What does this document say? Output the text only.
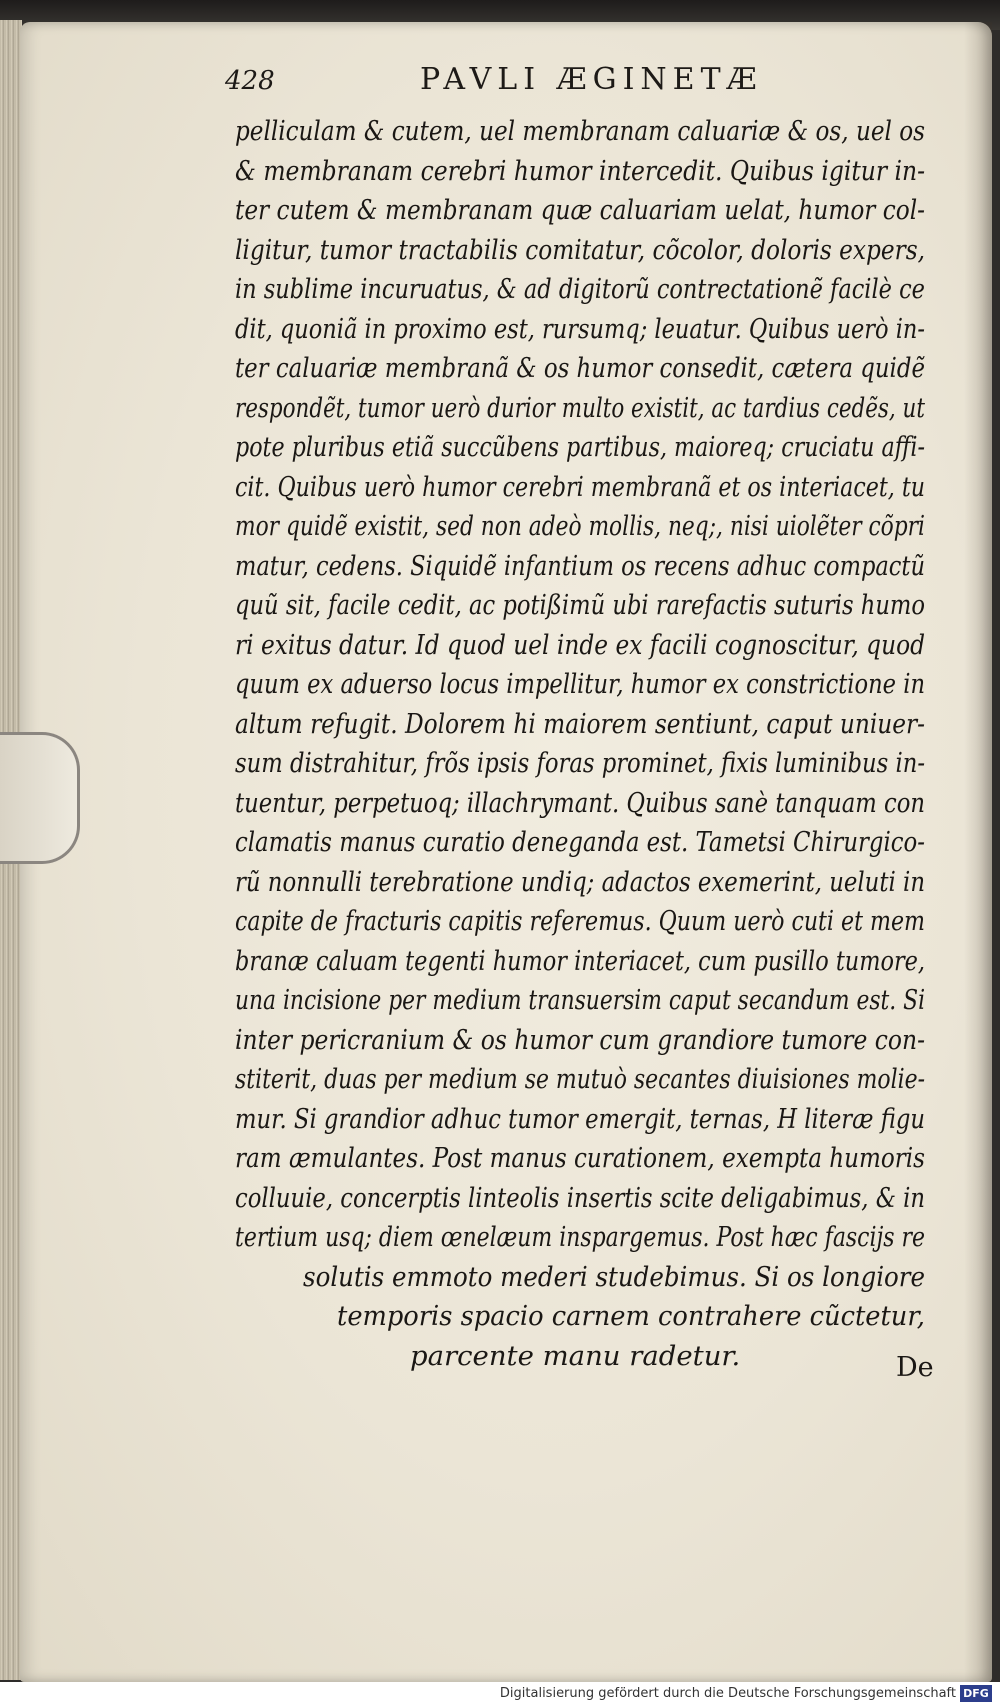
428	PAVLI ÆGINETÆ
pelliculam & cutem, uel membranam caluariæ & os, uel os
& membranam cerebri humor intercedit. Quibus igitur in-
ter cutem & membranam quæ caluariam uelat, humor col-
ligitur, tumor tractabilis comitatur, cõcolor, doloris expers,
in sublime incuruatus, & ad digitorũ contrectationẽ facilè ce
dit, quoniã in proximo est, rursumq; leuatur. Quibus uerò in-
ter caluariæ membranã & os humor consedit, cætera quidẽ
respondẽt, tumor uerò durior multo existit, ac tardius cedẽs, ut
pote pluribus etiã succũbens partibus, maioreq; cruciatu affi-
cit. Quibus uerò humor cerebri membranã et os interiacet, tu
mor quidẽ existit, sed non adeò mollis, neq;, nisi uiolẽter cõpri
matur, cedens. Siquidẽ infantium os recens adhuc compactũ
quũ sit, facile cedit, ac potißimũ ubi rarefactis suturis humo
ri exitus datur. Id quod uel inde ex facili cognoscitur, quod
quum ex aduerso locus impellitur, humor ex constrictione in
altum refugit. Dolorem hi maiorem sentiunt, caput uniuer-
sum distrahitur, frõs ipsis foras prominet, fixis luminibus in-
tuentur, perpetuoq; illachrymant. Quibus sanè tanquam con
clamatis manus curatio deneganda est. Tametsi Chirurgico-
rũ nonnulli terebratione undiq; adactos exemerint, ueluti in
capite de fracturis capitis referemus. Quum uerò cuti et mem
branæ caluam tegenti humor interiacet, cum pusillo tumore,
una incisione per medium transuersim caput secandum est. Si
inter pericranium & os humor cum grandiore tumore con-
stiterit, duas per medium se mutuò secantes diuisiones molie-
mur. Si grandior adhuc tumor emergit, ternas, H literæ figu
ram æmulantes. Post manus curationem, exempta humoris
colluuie, concerptis linteolis insertis scite deligabimus, & in
tertium usq; diem œnelæum inspargemus. Post hæc fascijs re
solutis emmoto mederi studebimus. Si os longiore
temporis spacio carnem contrahere cũctetur,
parcente manu radetur.	De
Digitalisierung gefördert durch die Deutsche Forschungsgemeinschaft DFG
